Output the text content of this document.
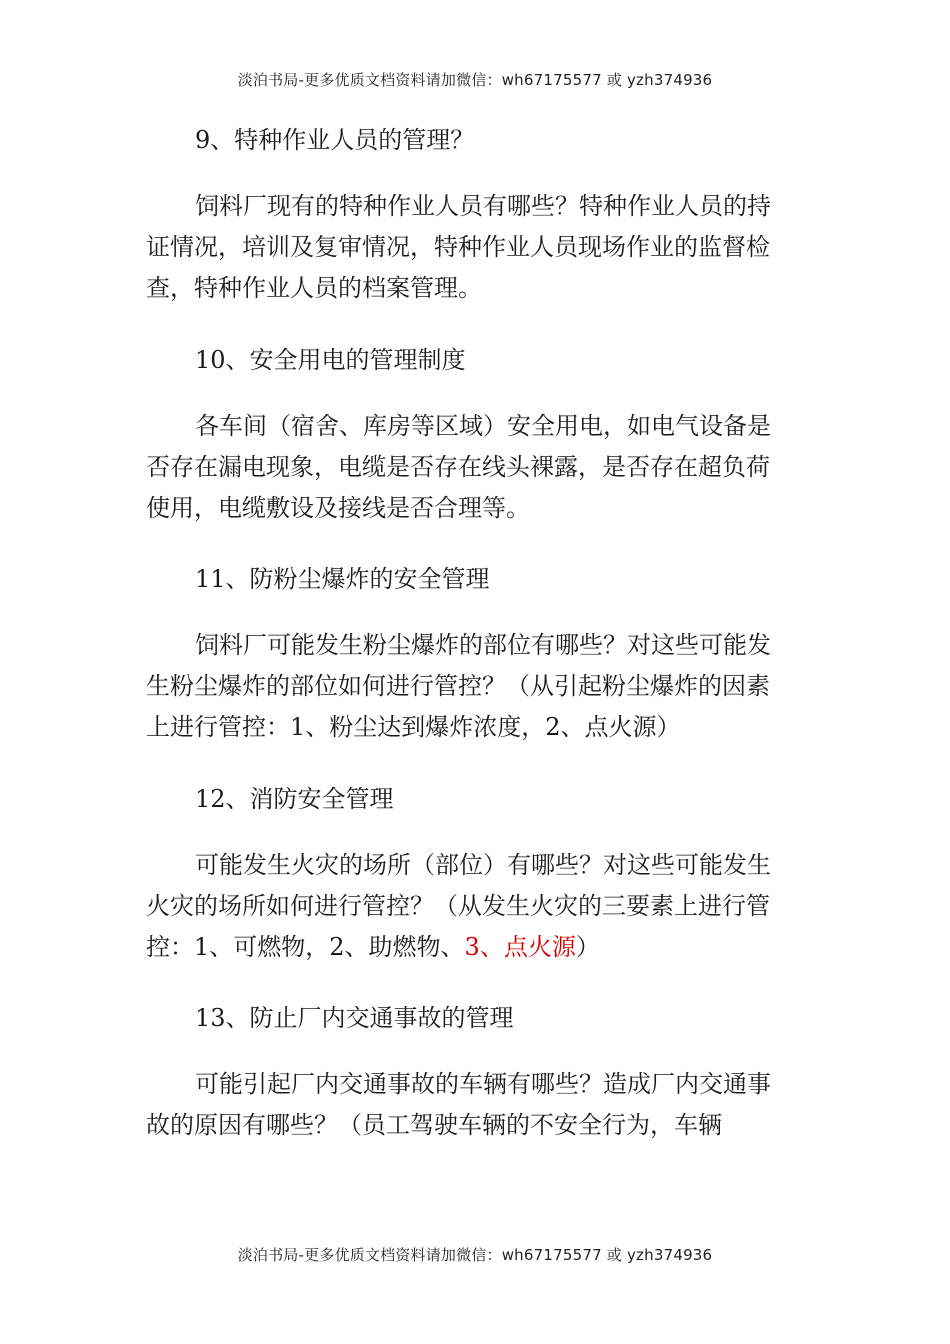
淡泊书局-更多优质文档资料请加微信：wh67175577 或 yzh374936
9、特种作业人员的管理？

饲料厂现有的特种作业人员有哪些？特种作业人员的持证情况，培训及复审情况，特种作业人员现场作业的监督检查，特种作业人员的档案管理。

10、安全用电的管理制度

各车间（宿舍、库房等区域）安全用电，如电气设备是否存在漏电现象，电缆是否存在线头裸露，是否存在超负荷使用，电缆敷设及接线是否合理等。

11、防粉尘爆炸的安全管理

饲料厂可能发生粉尘爆炸的部位有哪些？对这些可能发生粉尘爆炸的部位如何进行管控？（从引起粉尘爆炸的因素上进行管控：1、粉尘达到爆炸浓度，2、点火源）

12、消防安全管理

可能发生火灾的场所（部位）有哪些？对这些可能发生火灾的场所如何进行管控？（从发生火灾的三要素上进行管控：1、可燃物，2、助燃物、3、点火源）

13、防止厂内交通事故的管理

可能引起厂内交通事故的车辆有哪些？造成厂内交通事故的原因有哪些？（员工驾驶车辆的不安全行为，车辆

淡泊书局-更多优质文档资料请加微信：wh67175577 或 yzh374936
